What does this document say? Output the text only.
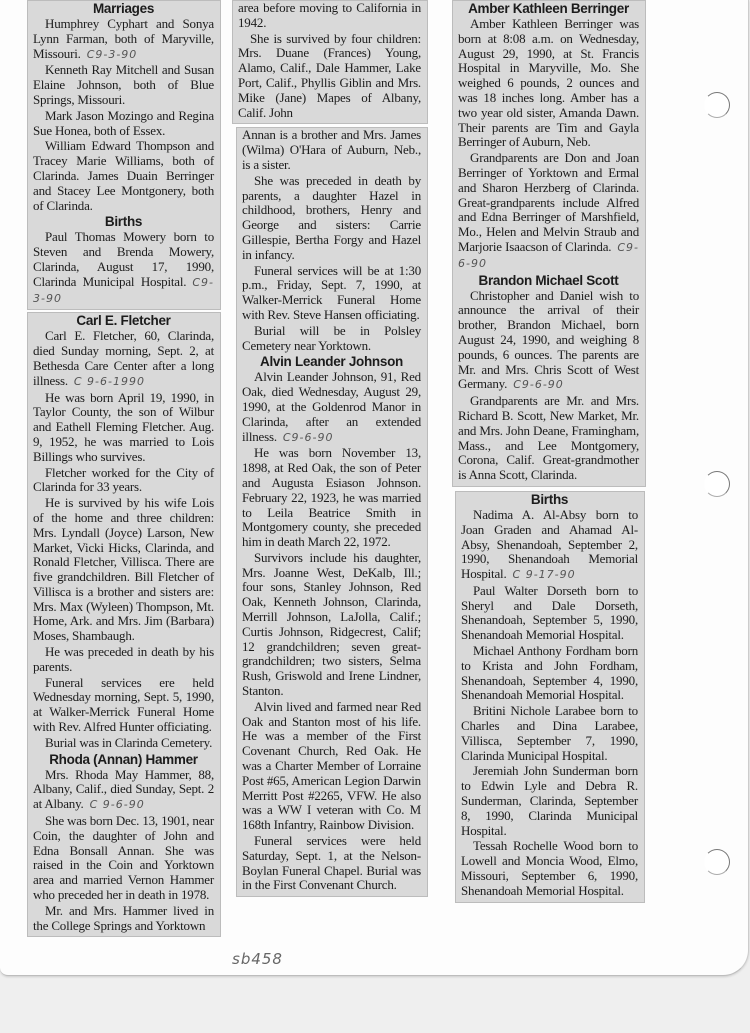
Marriages

Humphrey Cyphart and Sonya Lynn Farman, both of Maryville, Missouri. C9-3-90

Kenneth Ray Mitchell and Susan Elaine Johnson, both of Blue Springs, Missouri.

Mark Jason Mozingo and Regina Sue Honea, both of Essex.

William Edward Thompson and Tracey Marie Williams, both of Clarinda. James Duain Berringer and Stacey Lee Montgonery, both of Clarinda.

Births

Paul Thomas Mowery born to Steven and Brenda Mowery, Clarinda, August 17, 1990, Clarinda Municipal Hospital. C9-3-90

Carl E. Fletcher

Carl E. Fletcher, 60, Clarinda, died Sunday morning, Sept. 2, at Bethesda Care Center after a long illness. C 9-6-1990

He was born April 19, 1990, in Taylor County, the son of Wilbur and Eathell Fleming Fletcher. Aug. 9, 1952, he was married to Lois Billings who survives.

Fletcher worked for the City of Clarinda for 33 years.

He is survived by his wife Lois of the home and three children: Mrs. Lyndall (Joyce) Larson, New Market, Vicki Hicks, Clarinda, and Ronald Fletcher, Villisca. There are five grandchildren. Bill Fletcher of Villisca is a brother and sisters are: Mrs. Max (Wyleen) Thompson, Mt. Home, Ark. and Mrs. Jim (Barbara) Moses, Shambaugh.

He was preceded in death by his parents.

Funeral services ere held Wednesday morning, Sept. 5, 1990, at Walker-Merrick Funeral Home with Rev. Alfred Hunter officiating.

Burial was in Clarinda Cemetery.

Rhoda (Annan) Hammer

Mrs. Rhoda May Hammer, 88, Albany, Calif., died Sunday, Sept. 2 at Albany. C 9-6-90

She was born Dec. 13, 1901, near Coin, the daughter of John and Edna Bonsall Annan. She was raised in the Coin and Yorktown area and married Vernon Hammer who preceded her in death in 1978.

Mr. and Mrs. Hammer lived in the College Springs and Yorktown

area before moving to California in 1942.

She is survived by four children: Mrs. Duane (Frances) Young, Alamo, Calif., Dale Hammer, Lake Port, Calif., Phyllis Giblin and Mrs. Mike (Jane) Mapes of Albany, Calif. John

Annan is a brother and Mrs. James (Wilma) O'Hara of Auburn, Neb., is a sister.

She was preceded in death by parents, a daughter Hazel in childhood, brothers, Henry and George and sisters: Carrie Gillespie, Bertha Forgy and Hazel in infancy.

Funeral services will be at 1:30 p.m., Friday, Sept. 7, 1990, at Walker-Merrick Funeral Home with Rev. Steve Hansen officiating.

Burial will be in Polsley Cemetery near Yorktown.

Alvin Leander Johnson

Alvin Leander Johnson, 91, Red Oak, died Wednesday, August 29, 1990, at the Goldenrod Manor in Clarinda, after an extended illness. C9-6-90

He was born November 13, 1898, at Red Oak, the son of Peter and Augusta Esiason Johnson. February 22, 1923, he was married to Leila Beatrice Smith in Montgomery county, she preceded him in death March 22, 1972.

Survivors include his daughter, Mrs. Joanne West, DeKalb, Ill.; four sons, Stanley Johnson, Red Oak, Kenneth Johnson, Clarinda, Merrill Johnson, LaJolla, Calif.; Curtis Johnson, Ridgecrest, Calif; 12 grandchildren; seven great-grandchildren; two sisters, Selma Rush, Griswold and Irene Lindner, Stanton.

Alvin lived and farmed near Red Oak and Stanton most of his life. He was a member of the First Covenant Church, Red Oak. He was a Charter Member of Lorraine Post #65, American Legion Darwin Merritt Post #2265, VFW. He also was a WW I veteran with Co. M 168th Infantry, Rainbow Division.

Funeral services were held Saturday, Sept. 1, at the Nelson-Boylan Funeral Chapel. Burial was in the First Convenant Church.

Amber Kathleen Berringer

Amber Kathleen Berringer was born at 8:08 a.m. on Wednesday, August 29, 1990, at St. Francis Hospital in Maryville, Mo. She weighed 6 pounds, 2 ounces and was 18 inches long. Amber has a two year old sister, Amanda Dawn. Their parents are Tim and Gayla Berringer of Auburn, Neb.

Grandparents are Don and Joan Berringer of Yorktown and Ermal and Sharon Herzberg of Clarinda. Great-grandparents include Alfred and Edna Berringer of Marshfield, Mo., Helen and Melvin Straub and Marjorie Isaacson of Clarinda. C9-6-90

Brandon Michael Scott

Christopher and Daniel wish to announce the arrival of their brother, Brandon Michael, born August 24, 1990, and weighing 8 pounds, 6 ounces. The parents are Mr. and Mrs. Chris Scott of West Germany. C9-6-90

Grandparents are Mr. and Mrs. Richard B. Scott, New Market, Mr. and Mrs. John Deane, Framingham, Mass., and Lee Montgomery, Corona, Calif. Great-grandmother is Anna Scott, Clarinda.

Births

Nadima A. Al-Absy born to Joan Graden and Ahamad Al-Absy, Shenandoah, September 2, 1990, Shenandoah Memorial Hospital. C 9-17-90

Paul Walter Dorseth born to Sheryl and Dale Dorseth, Shenandoah, September 5, 1990, Shenandoah Memorial Hospital.

Michael Anthony Fordham born to Krista and John Fordham, Shenandoah, September 4, 1990, Shenandoah Memorial Hospital.

Britini Nichole Larabee born to Charles and Dina Larabee, Villisca, September 7, 1990, Clarinda Municipal Hospital.

Jeremiah John Sunderman born to Edwin Lyle and Debra R. Sunderman, Clarinda, September 8, 1990, Clarinda Municipal Hospital.

Tessah Rochelle Wood born to Lowell and Moncia Wood, Elmo, Missouri, September 6, 1990, Shenandoah Memorial Hospital.

sb458
